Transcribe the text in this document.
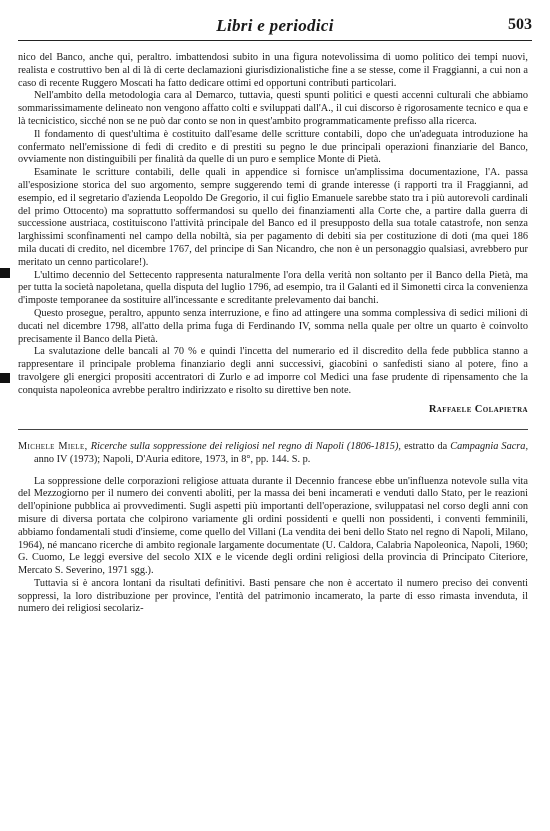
Libri e periodici	503

nico del Banco, anche qui, peraltro. imbattendosi subito in una figura notevolissima di uomo politico dei tempi nuovi, realista e costruttivo ben al di là di certe declamazioni giurisdizionalistiche fine a se stesse, come il Fraggianni, a cui non a caso di recente Ruggero Moscati ha fatto dedicare ottimi ed opportuni contributi particolari.

Nell'ambito della metodologia cara al Demarco, tuttavia, questi spunti politici e questi accenni culturali che abbiamo sommarissimamente delineato non vengono affatto colti e sviluppati dall'A., il cui discorso è rigorosamente tecnico e qua e là tecnicistico, sicché non se ne può dar conto se non in quest'ambito programmaticamente prefisso alla ricerca.

Il fondamento di quest'ultima è costituito dall'esame delle scritture contabili, dopo che un'adeguata introduzione ha confermato nell'emissione di fedi di credito e di prestiti su pegno le due principali operazioni finanziarie del Banco, ovviamente non distinguibili per finalità da quelle di un puro e semplice Monte di Pietà.

Esaminate le scritture contabili, delle quali in appendice si fornisce un'amplissima documentazione, l'A. passa all'esposizione storica del suo argomento, sempre suggerendo temi di grande interesse (i rapporti tra il Fraggianni, ad esempio, ed il segretario d'azienda Leopoldo De Gregorio, il cui figlio Emanuele sarebbe stato tra i più autorevoli cardinali del primo Ottocento) ma soprattutto soffermandosi su quello dei finanziamenti alla Corte che, a partire dalla guerra di successione austriaca, costituiscono l'attività principale del Banco ed il presupposto della sua totale catastrofe, non senza larghissimi sconfinamenti nel campo della nobiltà, sia per pagamento di debiti sia per costituzione di doti (ma quei 186 mila ducati di credito, nel dicembre 1767, del principe di San Nicandro, che non è un personaggio qualsiasi, avrebbero pur meritato un cenno particolare!).

L'ultimo decennio del Settecento rappresenta naturalmente l'ora della verità non soltanto per il Banco della Pietà, ma per tutta la società napoletana, quella disputa del luglio 1796, ad esempio, tra il Galanti ed il Simonetti circa la convenienza d'imposte temporanee da sostituire all'incessante e screditante prelevamento dai banchi.

Questo prosegue, peraltro, appunto senza interruzione, e fino ad attingere una somma complessiva di sedici milioni di ducati nel dicembre 1798, all'atto della prima fuga di Ferdinando IV, somma nella quale per oltre un quarto è coinvolto precisamente il Banco della Pietà.

La svalutazione delle bancali al 70 % e quindi l'incetta del numerario ed il discredito della fede pubblica stanno a rappresentare il principale problema finanziario degli anni successivi, giacobini o sanfedisti siano al potere, fino a travolgere gli energici propositi accentratori di Zurlo e ad imporre col Medici una fase prudente di ripensamento che la conquista napoleonica avrebbe peraltro indirizzato e risolto su direttive ben note.

Raffaele Colapietra

Michele Miele, Ricerche sulla soppressione dei religiosi nel regno di Napoli (1806-1815), estratto da Campagnia Sacra, anno IV (1973); Napoli, D'Auria editore, 1973, in 8°, pp. 144. S. p.

La soppressione delle corporazioni religiose attuata durante il Decennio francese ebbe un'influenza notevole sulla vita del Mezzogiorno per il numero dei conventi aboliti, per la massa dei beni incamerati e venduti dallo Stato, per le reazioni dell'opinione pubblica ai provvedimenti. Sugli aspetti più importanti dell'operazione, sviluppatasi nel corso degli anni con misure di diversa portata che colpirono variamente gli ordini possidenti e quelli non possidenti, i conventi femminili, abbiamo fondamentali studi d'insieme, come quello del Villani (La vendita dei beni dello Stato nel regno di Napoli, Milano, 1964), né mancano ricerche di ambito regionale largamente documentate (U. Caldora, Calabria Napoleonica, Napoli, 1960; G. Cuomo, Le leggi eversive del secolo XIX e le vicende degli ordini religiosi della provincia di Principato Citeriore, Mercato S. Severino, 1971 sgg.).

Tuttavia si è ancora lontani da risultati definitivi. Basti pensare che non è accertato il numero preciso dei conventi soppressi, la loro distribuzione per province, l'entità del patrimonio incamerato, la parte di esso rimasta invenduta, il numero dei religiosi secolariz-
